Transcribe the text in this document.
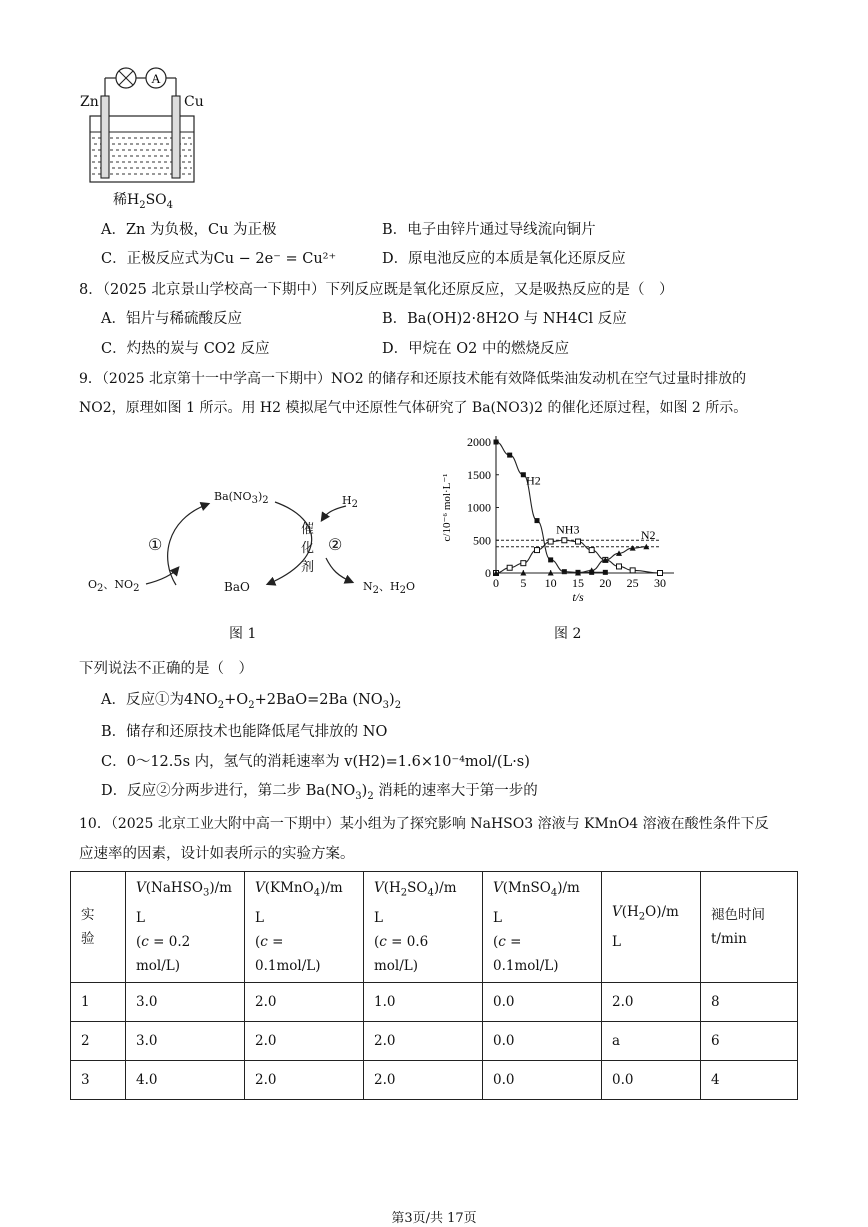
A
Zn	Cu
稀$H_2SO_4$
A．Zn 为负极，Cu 为正极	B．电子由锌片通过导线流向铜片
C．正极反应式为Cu − 2e⁻ = Cu²⁺	D．原电池反应的本质是氧化还原反应
8．（2025 北京景山学校高一下期中）下列反应既是氧化还原反应，又是吸热反应的是（　）
A．铝片与稀硫酸反应	B．Ba(OH)2·8H2O 与 NH4Cl 反应
C．灼热的炭与 CO2 反应	D．甲烷在 O2 中的燃烧反应
9．（2025 北京第十一中学高一下期中）NO2 的储存和还原技术能有效降低柴油发动机在空气过量时排放的
NO2，原理如图 1 所示。用 H2 模拟尾气中还原性气体研究了 Ba(NO3)2 的催化还原过程，如图 2 所示。
$Ba(NO_3)_2$
BaO
$O_2$、$NO_2$
$H_2$
$N_2$、$H_2O$
①	②
催
化
剂
图 1
0 5 10 15 20 25 30
0
500
1000
1500
2000
t/s
c/10⁻⁶ mol·L⁻¹	H2
NH3	N2
图 2
下列说法不正确的是（　）
A．反应①为$4NO_2+O_2+2BaO=2Ba$ $(NO_3)_2$
B．储存和还原技术也能降低尾气排放的 NO
C．0～12.5s 内，氢气的消耗速率为 v(H2)=1.6×10⁻⁴mol/(L·s)
D．反应②分两步进行，第二步 $Ba(NO_3)_2$ 消耗的速率大于第一步的
10．（2025 北京工业大附中高一下期中）某小组为了探究影响 NaHSO3 溶液与 KMnO4 溶液在酸性条件下反
应速率的因素，设计如表所示的实验方案。
实
验	V(NaHSO$_3$)/m
L
(c = 0.2 mol/L)	V(KMnO$_4$)/m
L
(c = 0.1mol/L)	$V(H_2SO_4)/m$
L
(c = 0.6 mol/L)	V(MnSO$_4$)/m
L
(c = 0.1mol/L)	$V(H_2O)/m$
L	褪色时间
t/min
1	3.0	2.0	1.0	0.0	2.0	8
2	3.0	2.0	2.0	0.0	a	6
3	4.0	2.0	2.0	0.0	0.0	4
第3页/共 17页
